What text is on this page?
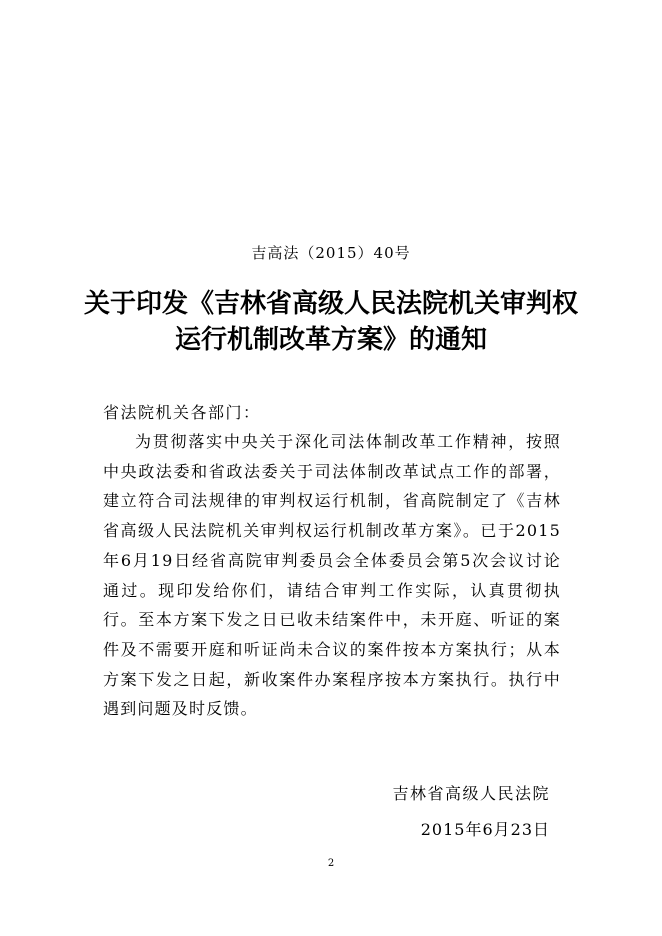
吉高法（2015）40号
关于印发《吉林省高级人民法院机关审判权
运行机制改革方案》的通知
省法院机关各部门：

为贯彻落实中央关于深化司法体制改革工作精神，按照中央政法委和省政法委关于司法体制改革试点工作的部署，建立符合司法规律的审判权运行机制，省高院制定了《吉林省高级人民法院机关审判权运行机制改革方案》。已于2015年6月19日经省高院审判委员会全体委员会第5次会议讨论通过。现印发给你们，请结合审判工作实际，认真贯彻执行。至本方案下发之日已收未结案件中，未开庭、听证的案件及不需要开庭和听证尚未合议的案件按本方案执行；从本方案下发之日起，新收案件办案程序按本方案执行。执行中遇到问题及时反馈。

吉林省高级人民法院
2015年6月23日
2
